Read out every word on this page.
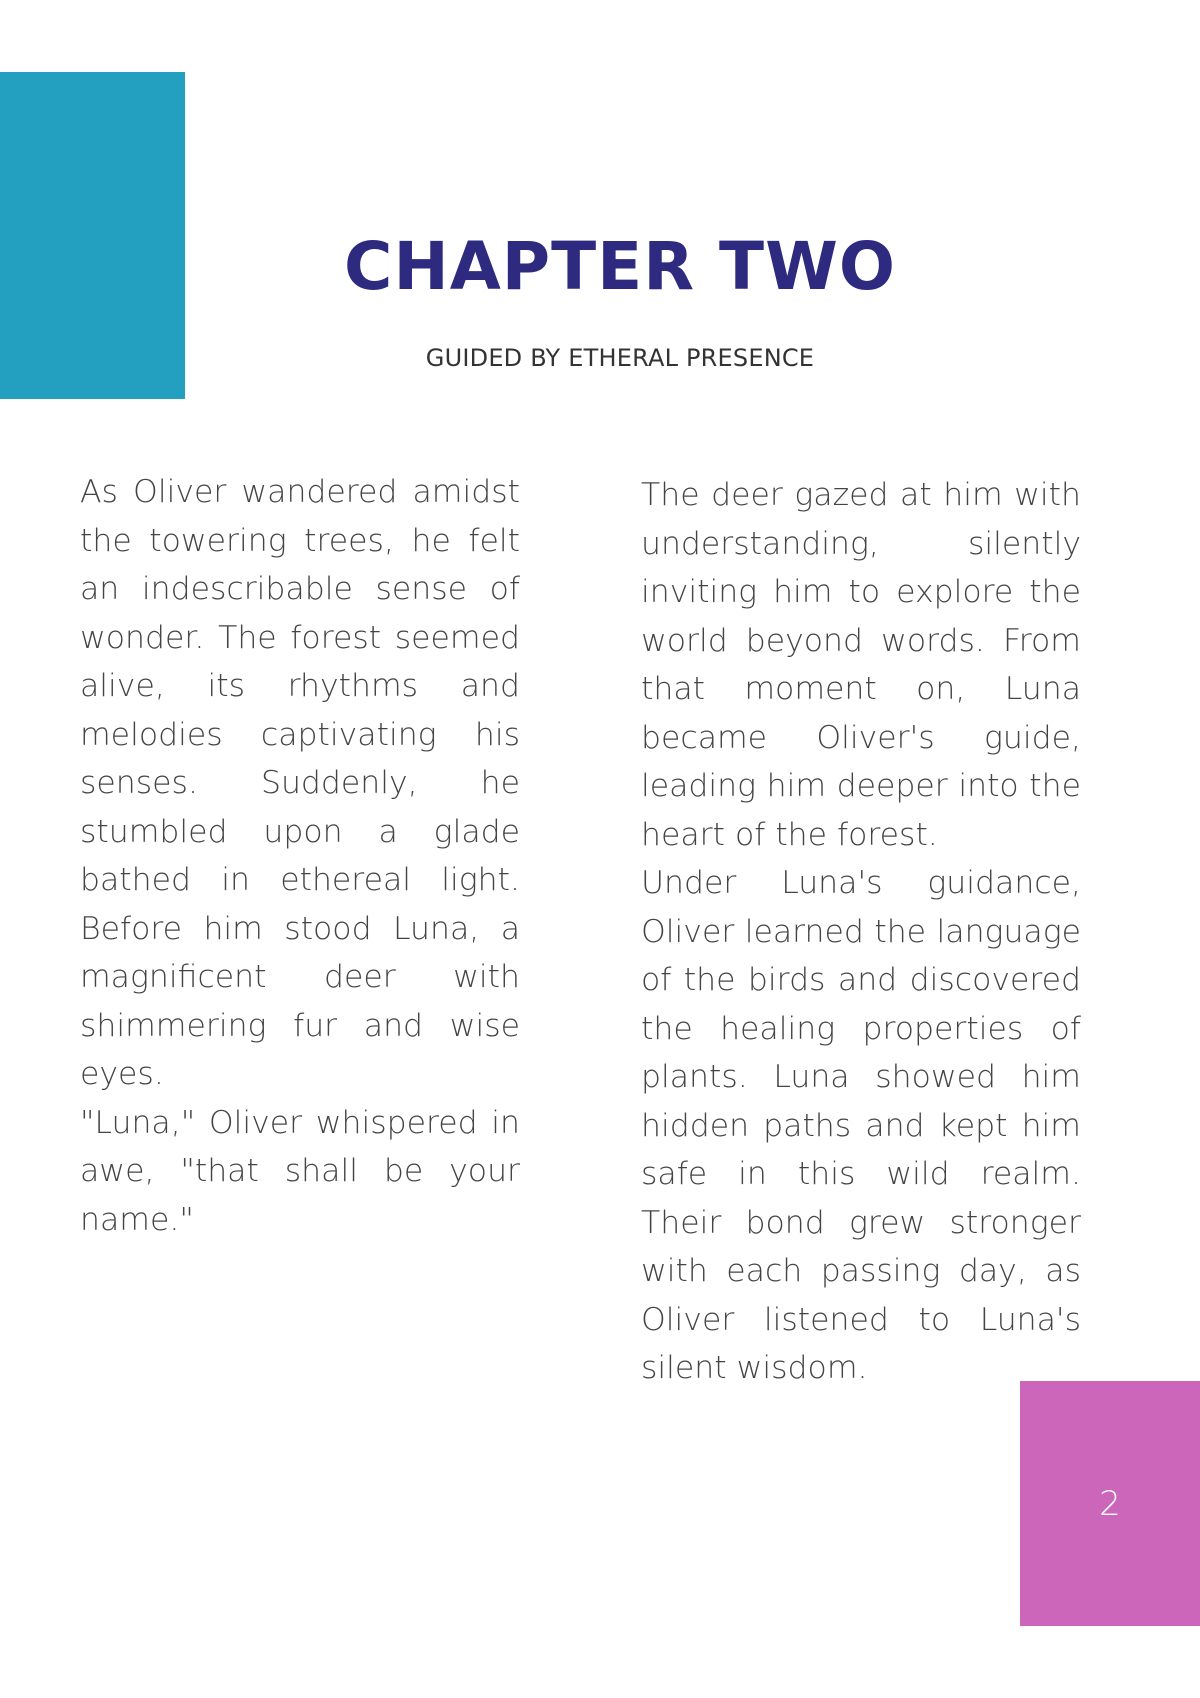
CHAPTER TWO
GUIDED BY ETHERAL PRESENCE

As Oliver wandered amidst the towering trees, he felt an indescribable sense of wonder. The forest seemed alive, its rhythms and melodies captivating his senses. Suddenly, he stumbled upon a glade bathed in ethereal light. Before him stood Luna, a magnificent deer with shimmering fur and wise eyes.

"Luna," Oliver whispered in awe, "that shall be your name."

The deer gazed at him with understanding, silently inviting him to explore the world beyond words. From that moment on, Luna became Oliver's guide, leading him deeper into the heart of the forest.

Under Luna's guidance, Oliver learned the language of the birds and discovered the healing properties of plants. Luna showed him hidden paths and kept him safe in this wild realm. Their bond grew stronger with each passing day, as Oliver listened to Luna's silent wisdom.

2
